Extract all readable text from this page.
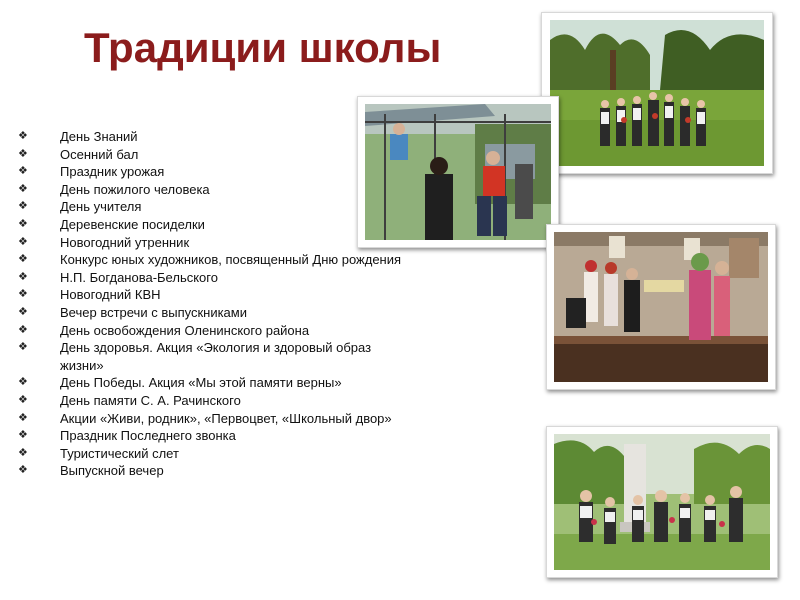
Традиции школы
❖ День Знаний
❖ Осенний бал
❖ Праздник урожая
❖ День пожилого человека
❖ День учителя
❖ Деревенские посиделки
❖ Новогодний утренник
❖ Конкурс юных художников, посвященный Дню рождения
❖ Н.П. Богданова-Бельского
❖ Новогодний КВН
❖ Вечер встречи с выпускниками
❖ День освобождения Оленинского района
❖ День здоровья. Акция «Экология и здоровый образ жизни»
❖ День Победы. Акция «Мы этой памяти верны»
❖ День памяти С. А. Рачинского
❖ Акции «Живи, родник», «Первоцвет, «Школьный двор»
❖ Праздник Последнего звонка
❖ Туристический слет
❖ Выпускной вечер
